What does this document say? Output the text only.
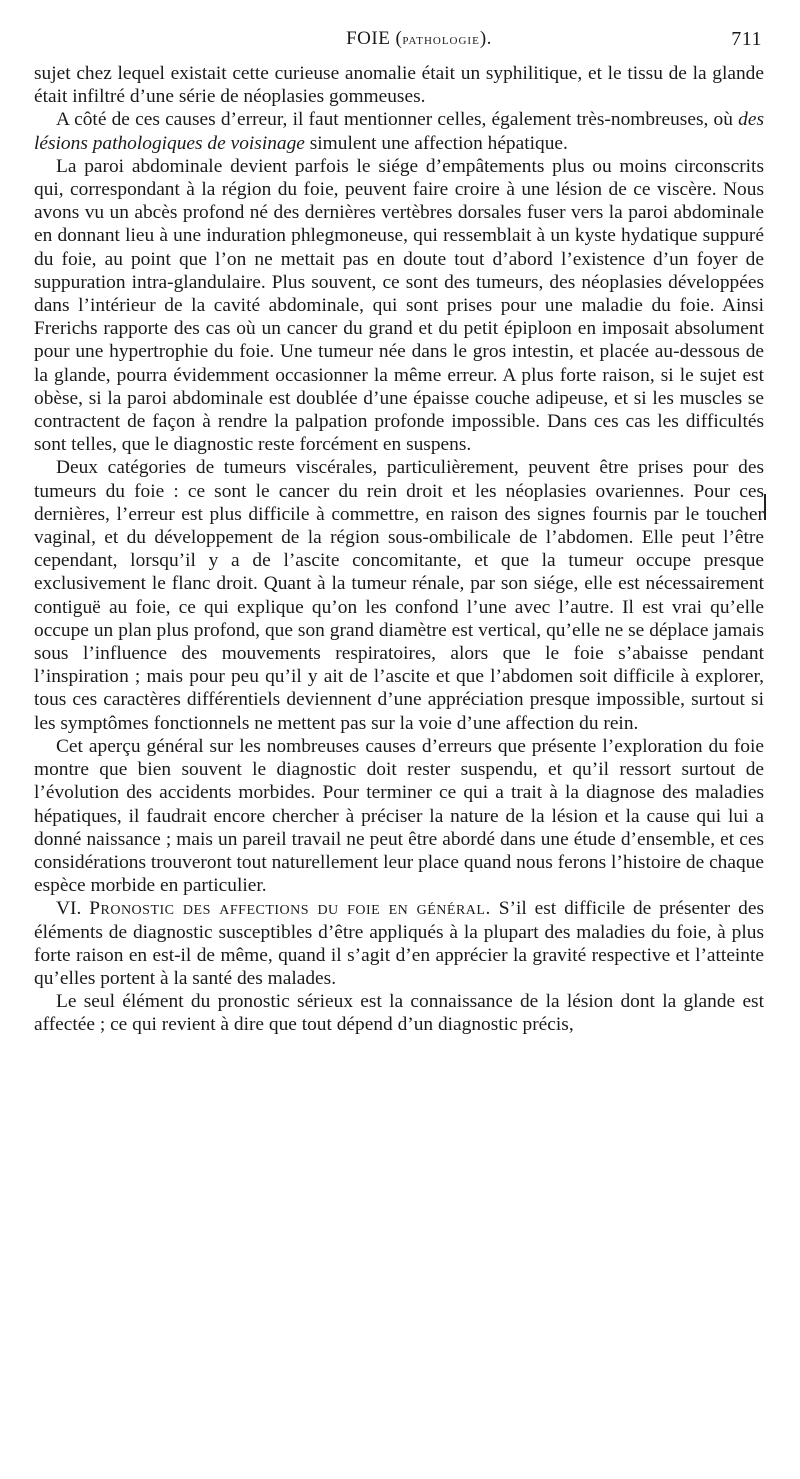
FOIE (pathologie).	711

sujet chez lequel existait cette curieuse anomalie était un syphilitique, et le tissu de la glande était infiltré d’une série de néoplasies gommeuses.

A côté de ces causes d’erreur, il faut mentionner celles, également très-nombreuses, où des lésions pathologiques de voisinage simulent une affection hépatique.

La paroi abdominale devient parfois le siége d’empâtements plus ou moins circonscrits qui, correspondant à la région du foie, peuvent faire croire à une lésion de ce viscère. Nous avons vu un abcès profond né des dernières vertèbres dorsales fuser vers la paroi abdominale en donnant lieu à une induration phlegmoneuse, qui ressemblait à un kyste hydatique suppuré du foie, au point que l’on ne mettait pas en doute tout d’abord l’existence d’un foyer de suppuration intra-glandulaire. Plus souvent, ce sont des tumeurs, des néoplasies développées dans l’intérieur de la cavité abdominale, qui sont prises pour une maladie du foie. Ainsi Frerichs rapporte des cas où un cancer du grand et du petit épiploon en imposait absolument pour une hypertrophie du foie. Une tumeur née dans le gros intestin, et placée au-dessous de la glande, pourra évidemment occasionner la même erreur. A plus forte raison, si le sujet est obèse, si la paroi abdominale est doublée d’une épaisse couche adipeuse, et si les muscles se contractent de façon à rendre la palpation profonde impossible. Dans ces cas les difficultés sont telles, que le diagnostic reste forcément en suspens.

Deux catégories de tumeurs viscérales, particulièrement, peuvent être prises pour des tumeurs du foie : ce sont le cancer du rein droit et les néoplasies ovariennes. Pour ces dernières, l’erreur est plus difficile à commettre, en raison des signes fournis par le toucher vaginal, et du développement de la région sous-ombilicale de l’abdomen. Elle peut l’être cependant, lorsqu’il y a de l’ascite concomitante, et que la tumeur occupe presque exclusivement le flanc droit. Quant à la tumeur rénale, par son siége, elle est nécessairement contiguë au foie, ce qui explique qu’on les confond l’une avec l’autre. Il est vrai qu’elle occupe un plan plus profond, que son grand diamètre est vertical, qu’elle ne se déplace jamais sous l’influence des mouvements respiratoires, alors que le foie s’abaisse pendant l’inspiration ; mais pour peu qu’il y ait de l’ascite et que l’abdomen soit difficile à explorer, tous ces caractères différentiels deviennent d’une appréciation presque impossible, surtout si les symptômes fonctionnels ne mettent pas sur la voie d’une affection du rein.

Cet aperçu général sur les nombreuses causes d’erreurs que présente l’exploration du foie montre que bien souvent le diagnostic doit rester suspendu, et qu’il ressort surtout de l’évolution des accidents morbides. Pour terminer ce qui a trait à la diagnose des maladies hépatiques, il faudrait encore chercher à préciser la nature de la lésion et la cause qui lui a donné naissance ; mais un pareil travail ne peut être abordé dans une étude d’ensemble, et ces considérations trouveront tout naturellement leur place quand nous ferons l’histoire de chaque espèce morbide en particulier.

VI. Pronostic des affections du foie en général. S’il est difficile de présenter des éléments de diagnostic susceptibles d’être appliqués à la plupart des maladies du foie, à plus forte raison en est-il de même, quand il s’agit d’en apprécier la gravité respective et l’atteinte qu’elles portent à la santé des malades.

Le seul élément du pronostic sérieux est la connaissance de la lésion dont la glande est affectée ; ce qui revient à dire que tout dépend d’un diagnostic précis,
